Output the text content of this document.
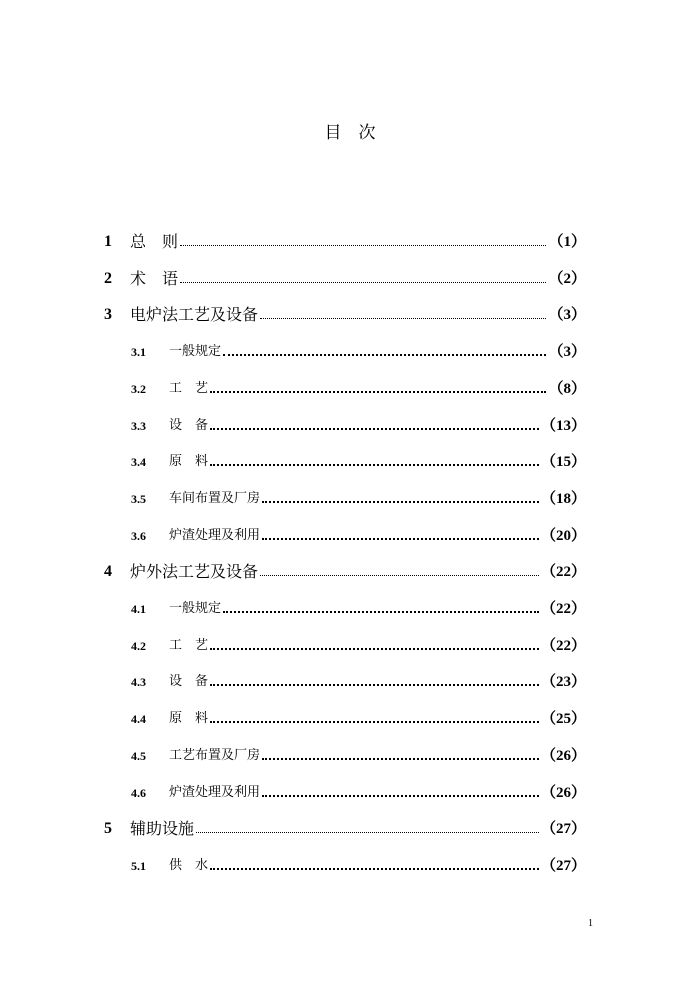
目　次
1 总　则	（1）
2 术　语	（2）
3 电炉法工艺及设备	（3）
3.1 一般规定	（3）
3.2 工　艺	（8）
3.3 设　备	（13）
3.4 原　料	（15）
3.5 车间布置及厂房	（18）
3.6 炉渣处理及利用	（20）
4 炉外法工艺及设备	（22）
4.1 一般规定	（22）
4.2 工　艺	（22）
4.3 设　备	（23）
4.4 原　料	（25）
4.5 工艺布置及厂房	（26）
4.6 炉渣处理及利用	（26）
5 辅助设施	（27）
5.1 供　水	（27）
1
